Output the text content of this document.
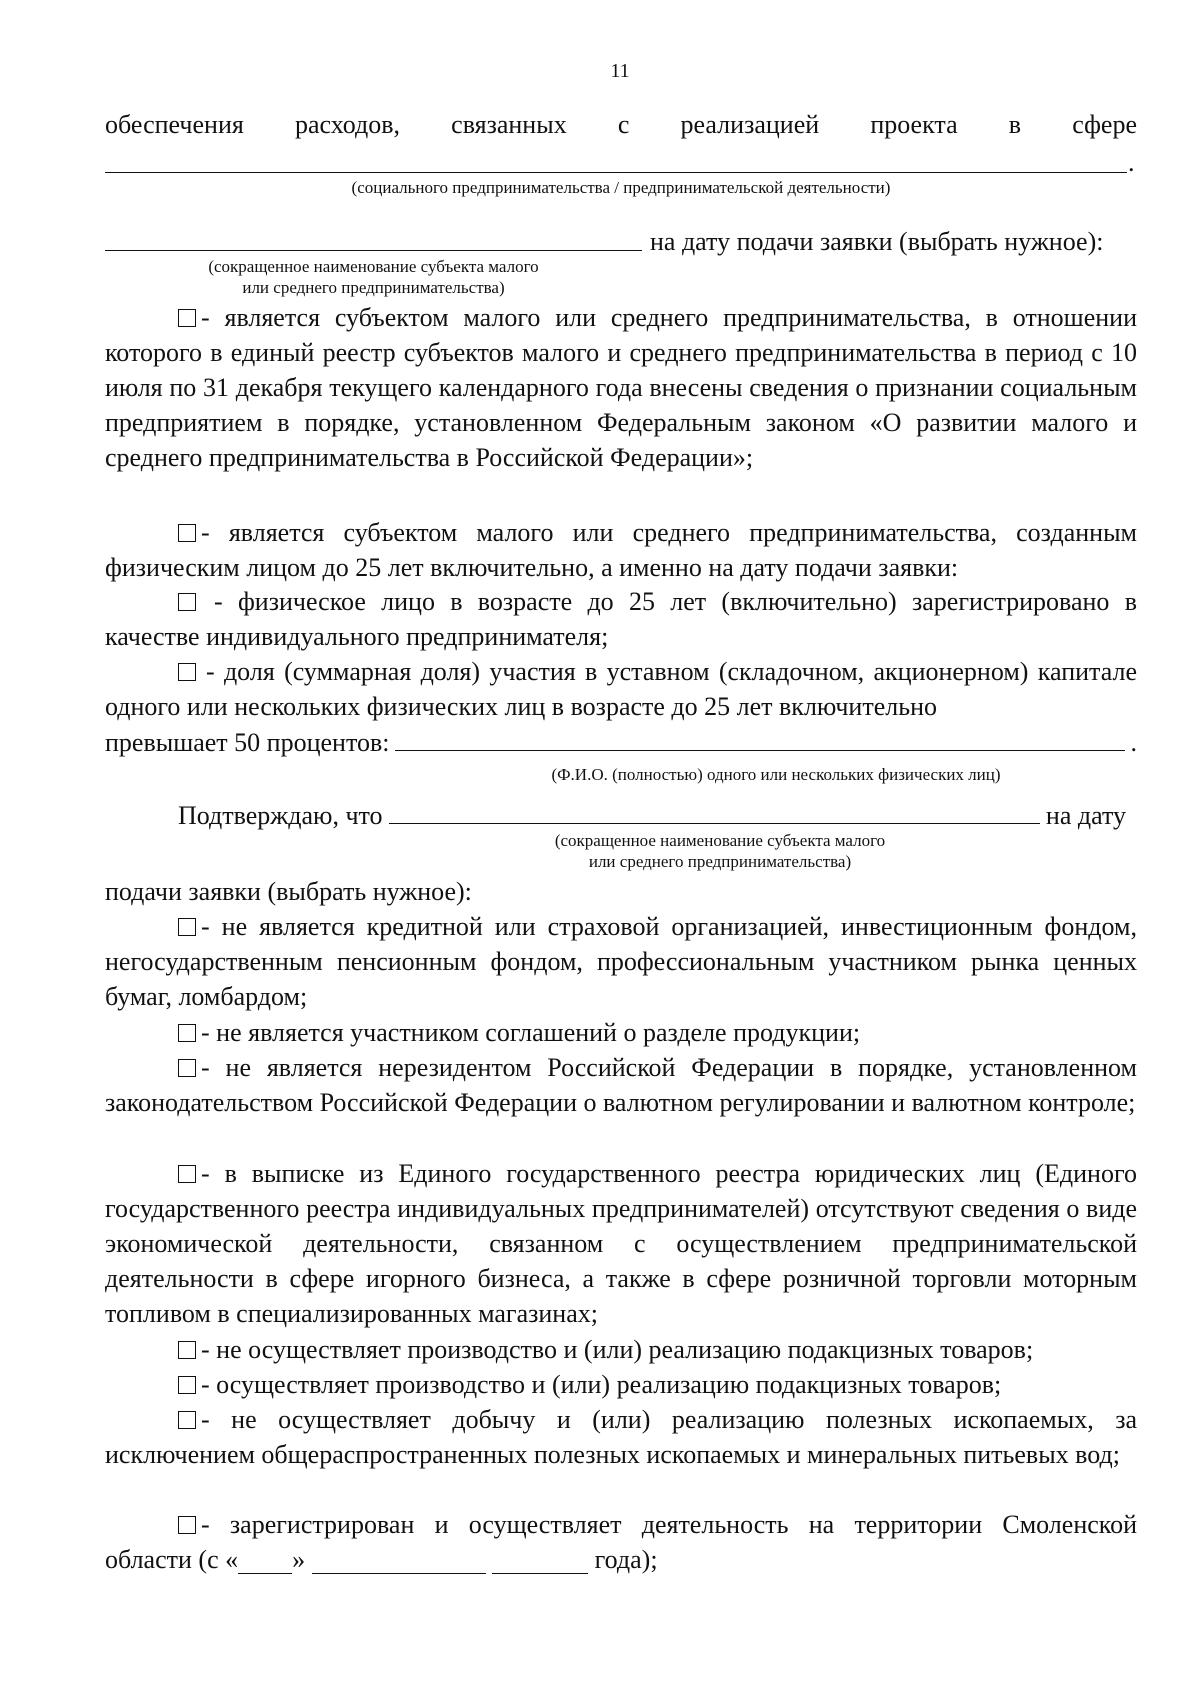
11

обеспечения расходов, связанных с реализацией проекта в сфере

.

(социального предпринимательства / предпринимательской деятельности)

на дату подачи заявки (выбрать нужное):

(сокращенное наименование субъекта малого

или среднего предпринимательства)

- является субъектом малого или среднего предпринимательства, в отношении которого в единый реестр субъектов малого и среднего предпринимательства в период с 10 июля по 31 декабря текущего календарного года внесены сведения о признании социальным предприятием в порядке, установленном Федеральным законом «О развитии малого и среднего предпринимательства в Российской Федерации»;

- является субъектом малого или среднего предпринимательства, созданным физическим лицом до 25 лет включительно, а именно на дату подачи заявки:

- физическое лицо в возрасте до 25 лет (включительно) зарегистрировано в качестве индивидуального предпринимателя;

- доля (суммарная доля) участия в уставном (складочном, акционерном) капитале одного или нескольких физических лиц в возрасте до 25 лет включительно

превышает 50 процентов:	.

(Ф.И.О. (полностью) одного или нескольких физических лиц)

Подтверждаю, что	на дату

(сокращенное наименование субъекта малого

или среднего предпринимательства)

подачи заявки (выбрать нужное):

- не является кредитной или страховой организацией, инвестиционным фондом, негосударственным пенсионным фондом, профессиональным участником рынка ценных бумаг, ломбардом;

- не является участником соглашений о разделе продукции;

- не является нерезидентом Российской Федерации в порядке, установленном законодательством Российской Федерации о валютном регулировании и валютном контроле;

- в выписке из Единого государственного реестра юридических лиц (Единого государственного реестра индивидуальных предпринимателей) отсутствуют сведения о виде экономической деятельности, связанном с осуществлением предпринимательской деятельности в сфере игорного бизнеса, а также в сфере розничной торговли моторным топливом в специализированных магазинах;

- не осуществляет производство и (или) реализацию подакцизных товаров;

- осуществляет производство и (или) реализацию подакцизных товаров;

- не осуществляет добычу и (или) реализацию полезных ископаемых, за исключением общераспространенных полезных ископаемых и минеральных питьевых вод;

- зарегистрирован и осуществляет деятельность на территории Смоленской

области (с « »	года);
